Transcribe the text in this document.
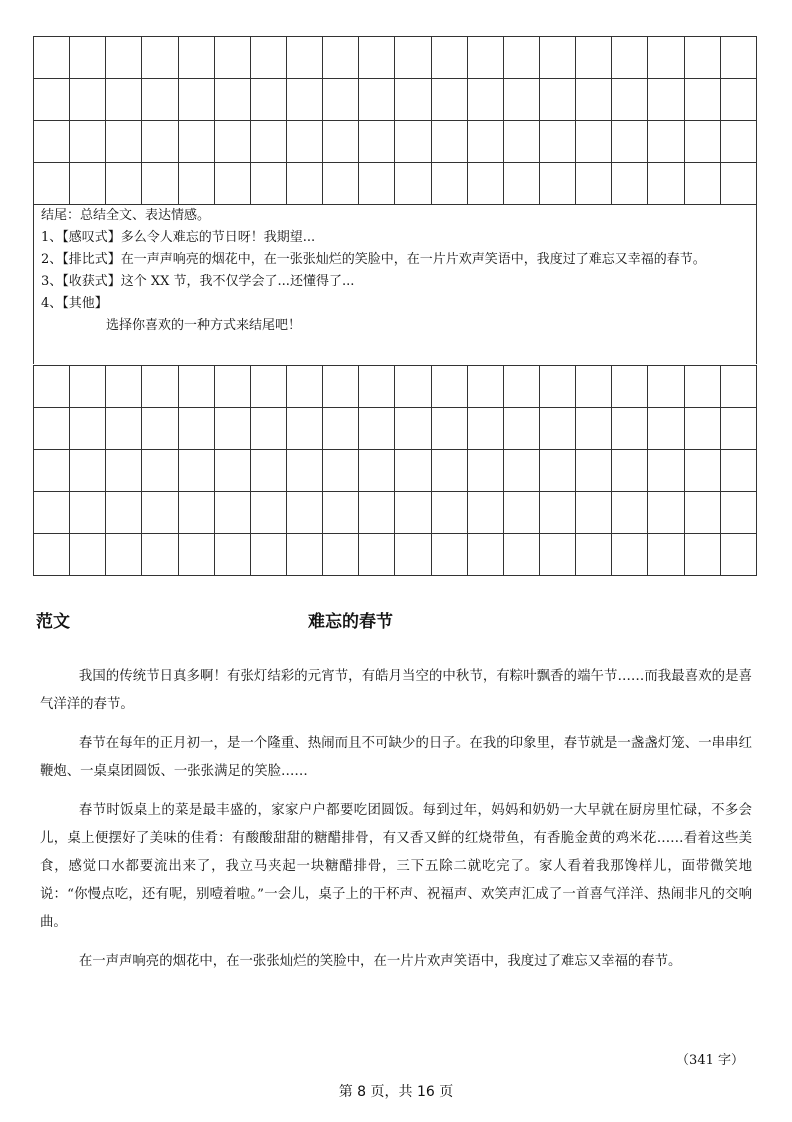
结尾：总结全文、表达情感。
1、【感叹式】多么令人难忘的节日呀！我期望...
2、【排比式】在一声声响亮的烟花中，在一张张灿烂的笑脸中，在一片片欢声笑语中，我度过了难忘又幸福的春节。
3、【收获式】这个 XX 节，我不仅学会了...还懂得了...
4、【其他】
选择你喜欢的一种方式来结尾吧！

范文	难忘的春节

我国的传统节日真多啊！有张灯结彩的元宵节，有皓月当空的中秋节，有粽叶飘香的端午节……而我最喜欢的是喜气洋洋的春节。

春节在每年的正月初一，是一个隆重、热闹而且不可缺少的日子。在我的印象里，春节就是一盏盏灯笼、一串串红鞭炮、一桌桌团圆饭、一张张满足的笑脸……

春节时饭桌上的菜是最丰盛的，家家户户都要吃团圆饭。每到过年，妈妈和奶奶一大早就在厨房里忙碌，不多会儿，桌上便摆好了美味的佳肴：有酸酸甜甜的糖醋排骨，有又香又鲜的红烧带鱼，有香脆金黄的鸡米花……看着这些美食，感觉口水都要流出来了，我立马夹起一块糖醋排骨，三下五除二就吃完了。家人看着我那馋样儿，面带微笑地说：“你慢点吃，还有呢，别噎着啦。”一会儿，桌子上的干杯声、祝福声、欢笑声汇成了一首喜气洋洋、热闹非凡的交响曲。

在一声声响亮的烟花中，在一张张灿烂的笑脸中，在一片片欢声笑语中，我度过了难忘又幸福的春节。

（341 字）
第 8 页，共 16 页
